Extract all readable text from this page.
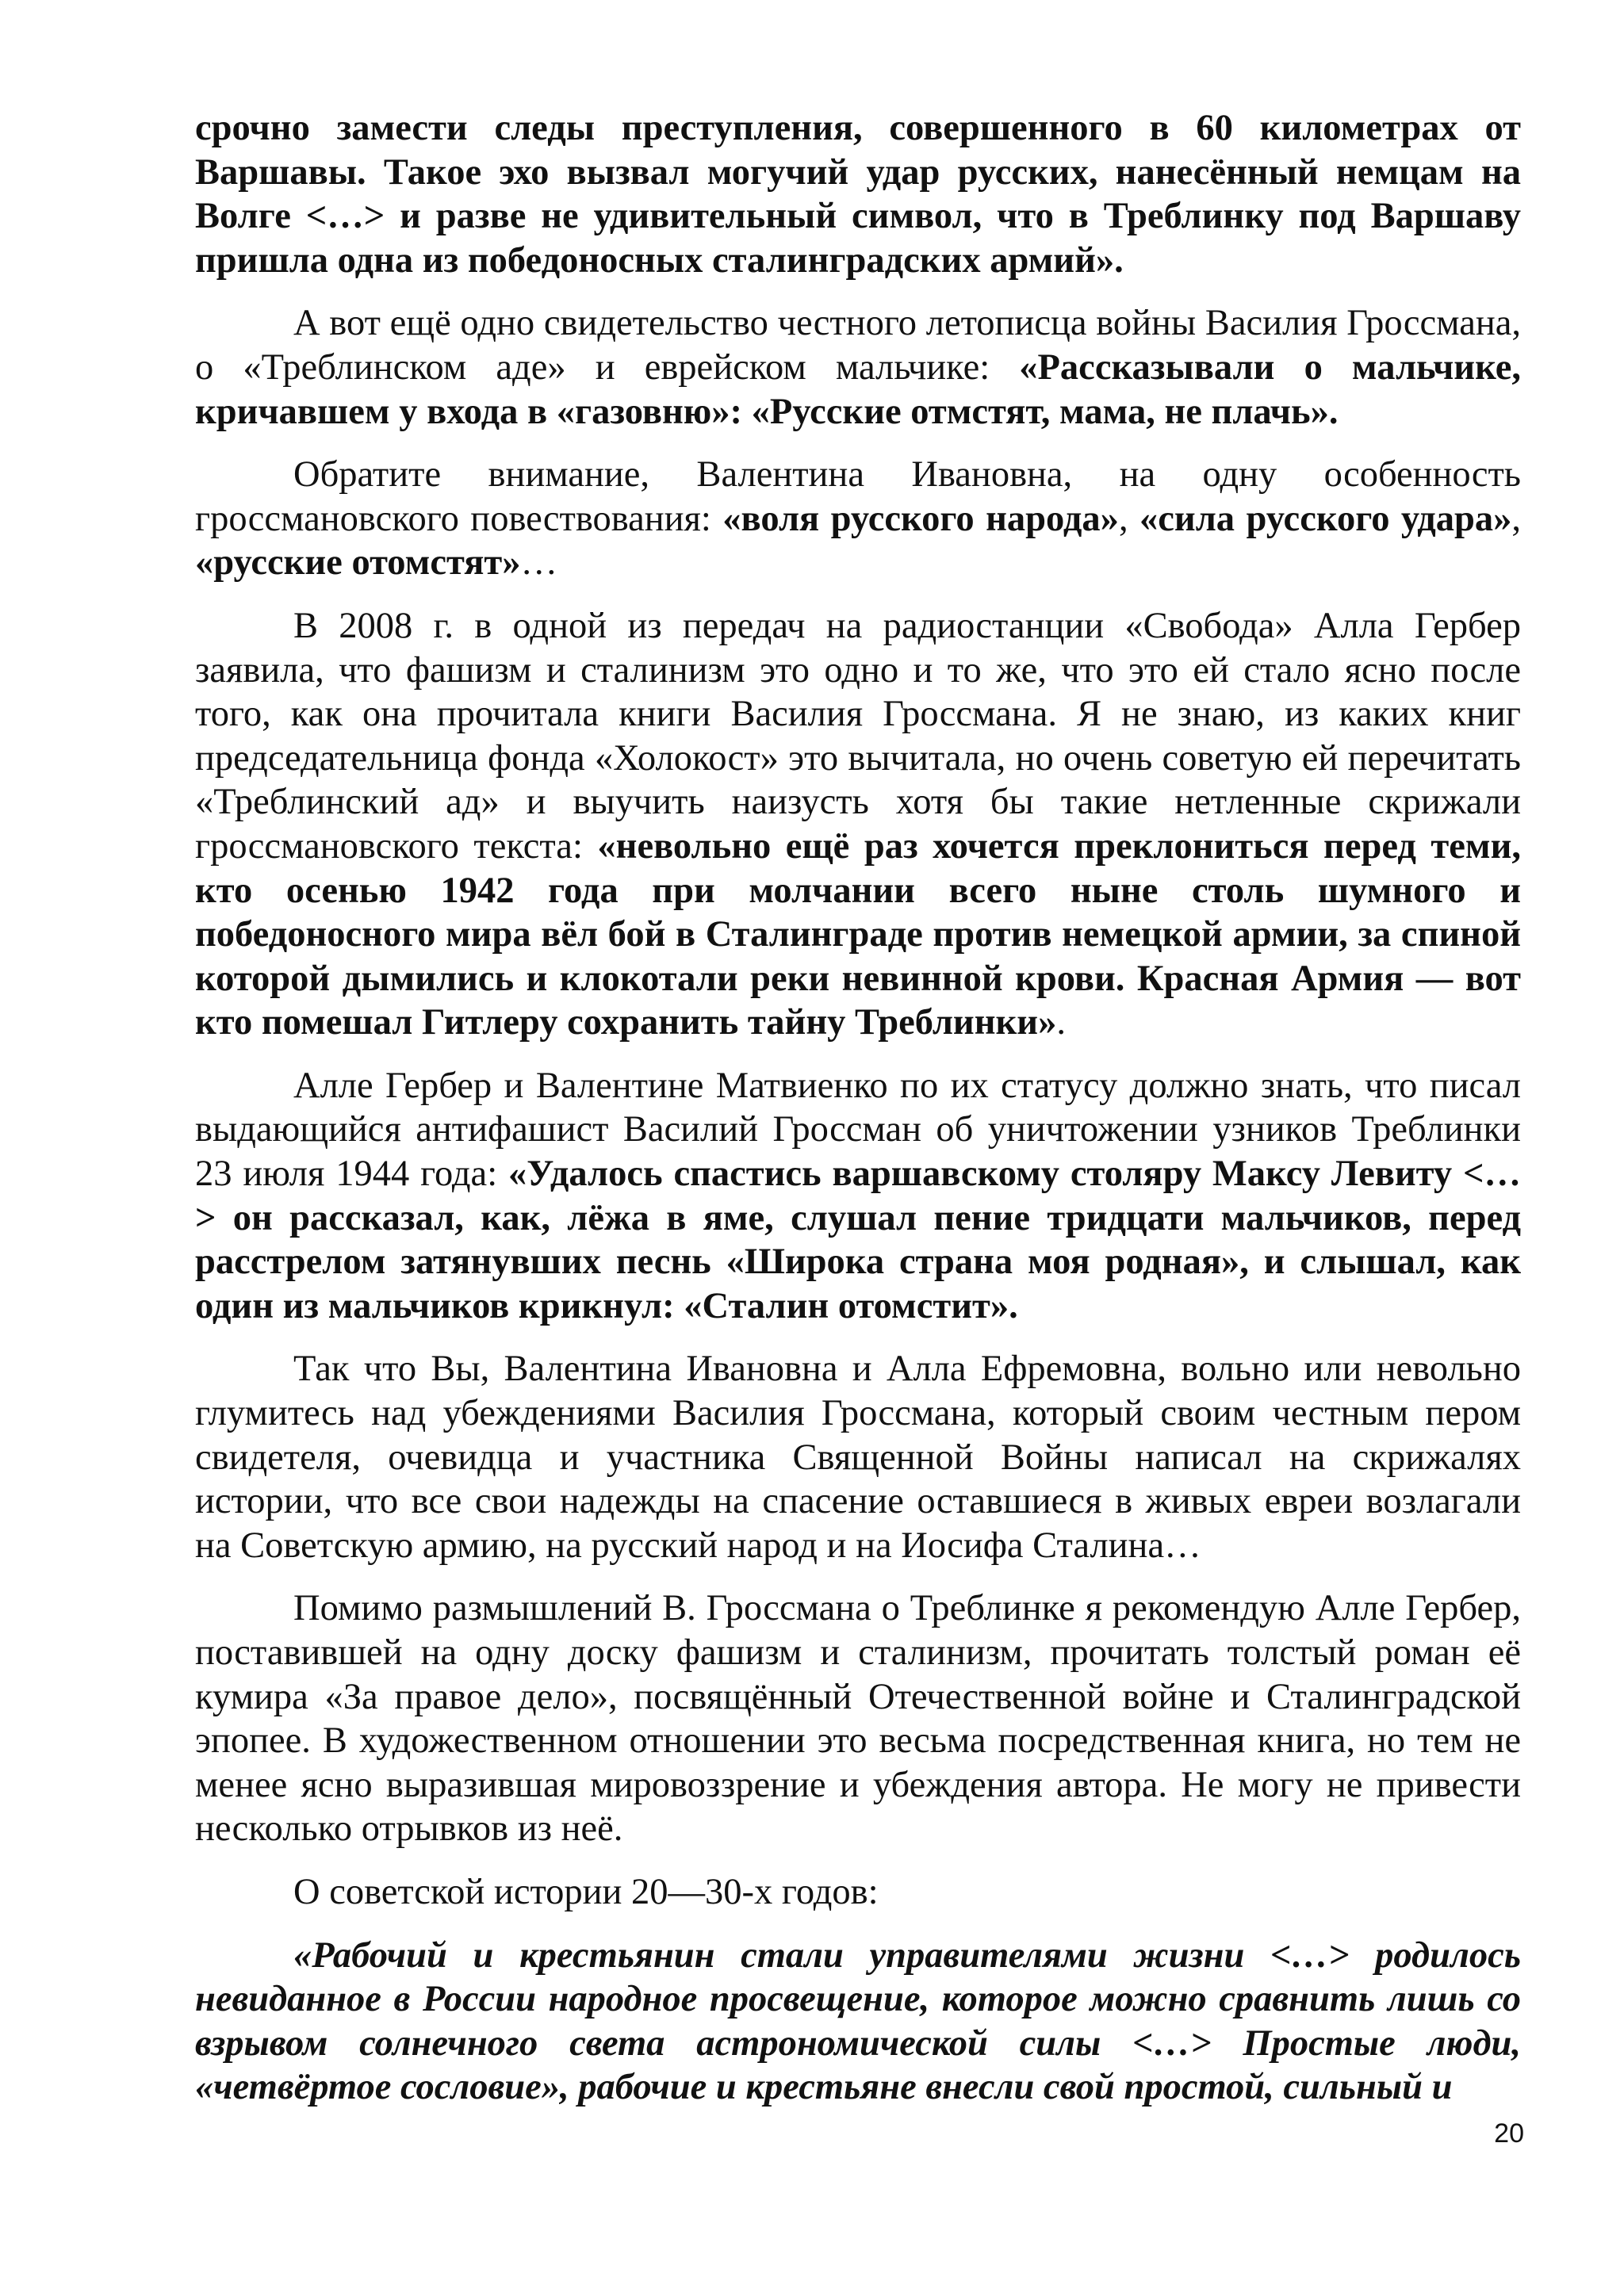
срочно замести следы преступления, совершенного в 60 километрах от Варшавы. Такое эхо вызвал могучий удар русских, нанесённый немцам на Волге <…> и разве не удивительный символ, что в Треблинку под Варшаву пришла одна из победоносных сталинградских армий».

А вот ещё одно свидетельство честного летописца войны Василия Гроссмана, о «Треблинском аде» и еврейском мальчике: «Рассказывали о мальчике, кричавшем у входа в «газовню»: «Русские отмстят, мама, не плачь».

Обратите внимание, Валентина Ивановна, на одну особенность гроссмановского повествования: «воля русского народа», «сила русского удара», «русские отомстят»…

В 2008 г. в одной из передач на радиостанции «Свобода» Алла Гербер заявила, что фашизм и сталинизм это одно и то же, что это ей стало ясно после того, как она прочитала книги Василия Гроссмана. Я не знаю, из каких книг председательница фонда «Холокост» это вычитала, но очень советую ей перечитать «Треблинский ад» и выучить наизусть хотя бы такие нетленные скрижали гроссмановского текста: «невольно ещё раз хочется преклониться перед теми, кто осенью 1942 года при молчании всего ныне столь шумного и победоносного мира вёл бой в Сталинграде против немецкой армии, за спиной которой дымились и клокотали реки невинной крови. Красная Армия — вот кто помешал Гитлеру сохранить тайну Треблинки».

Алле Гербер и Валентине Матвиенко по их статусу должно знать, что писал выдающийся антифашист Василий Гроссман об уничтожении узников Треблинки 23 июля 1944 года: «Удалось спастись варшавскому столяру Максу Левиту <…> он рассказал, как, лёжа в яме, слушал пение тридцати мальчиков, перед расстрелом затянувших песнь «Широка страна моя родная», и слышал, как один из мальчиков крикнул: «Сталин отомстит».

Так что Вы, Валентина Ивановна и Алла Ефремовна, вольно или невольно глумитесь над убеждениями Василия Гроссмана, который своим честным пером свидетеля, очевидца и участника Священной Войны написал на скрижалях истории, что все свои надежды на спасение оставшиеся в живых евреи возлагали на Советскую армию, на русский народ и на Иосифа Сталина…

Помимо размышлений В. Гроссмана о Треблинке я рекомендую Алле Гербер, поставившей на одну доску фашизм и сталинизм, прочитать толстый роман её кумира «За правое дело», посвящённый Отечественной войне и Сталинградской эпопее. В художественном отношении это весьма посредственная книга, но тем не менее ясно выразившая мировоззрение и убеждения автора. Не могу не привести несколько отрывков из неё.

О советской истории 20—30-х годов:

«Рабочий и крестьянин стали управителями жизни <…> родилось невиданное в России народное просвещение, которое можно сравнить лишь со взрывом солнечного света астрономической силы <…> Простые люди, «четвёртое сословие», рабочие и крестьяне внесли свой простой, сильный и

20
